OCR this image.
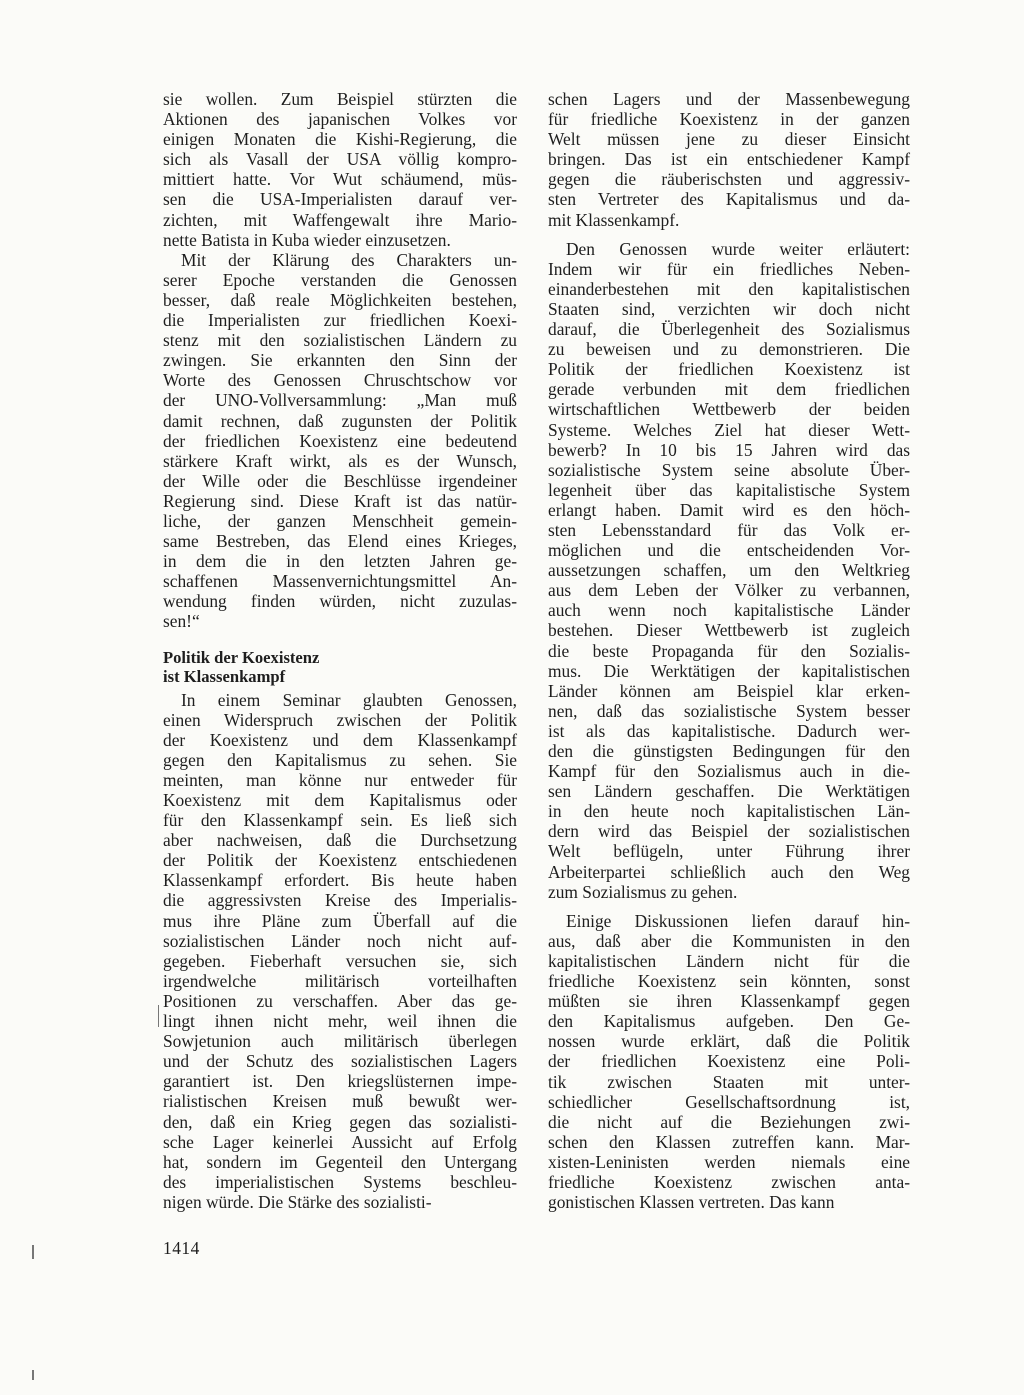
sie wollen. Zum Beispiel stürzten die
Aktionen des japanischen Volkes vor
einigen Monaten die Kishi-Regierung, die
sich als Vasall der USA völlig kompro-
mittiert hatte. Vor Wut schäumend, müs-
sen die USA-Imperialisten darauf ver-
zichten, mit Waffengewalt ihre Mario-
nette Batista in Kuba wieder einzusetzen.
Mit der Klärung des Charakters un-
serer Epoche verstanden die Genossen
besser, daß reale Möglichkeiten bestehen,
die Imperialisten zur friedlichen Koexi-
stenz mit den sozialistischen Ländern zu
zwingen. Sie erkannten den Sinn der
Worte des Genossen Chruschtschow vor
der UNO-Vollversammlung: „Man muß
damit rechnen, daß zugunsten der Politik
der friedlichen Koexistenz eine bedeutend
stärkere Kraft wirkt, als es der Wunsch,
der Wille oder die Beschlüsse irgendeiner
Regierung sind. Diese Kraft ist das natür-
liche, der ganzen Menschheit gemein-
same Bestreben, das Elend eines Krieges,
in dem die in den letzten Jahren ge-
schaffenen Massenvernichtungsmittel An-
wendung finden würden, nicht zuzulas-
sen!“
Politik der Koexistenz
ist Klassenkampf
In einem Seminar glaubten Genossen,
einen Widerspruch zwischen der Politik
der Koexistenz und dem Klassenkampf
gegen den Kapitalismus zu sehen. Sie
meinten, man könne nur entweder für
Koexistenz mit dem Kapitalismus oder
für den Klassenkampf sein. Es ließ sich
aber nachweisen, daß die Durchsetzung
der Politik der Koexistenz entschiedenen
Klassenkampf erfordert. Bis heute haben
die aggressivsten Kreise des Imperialis-
mus ihre Pläne zum Überfall auf die
sozialistischen Länder noch nicht auf-
gegeben. Fieberhaft versuchen sie, sich
irgendwelche militärisch vorteilhaften
Positionen zu verschaffen. Aber das ge-
lingt ihnen nicht mehr, weil ihnen die
Sowjetunion auch militärisch überlegen
und der Schutz des sozialistischen Lagers
garantiert ist. Den kriegslüsternen impe-
rialistischen Kreisen muß bewußt wer-
den, daß ein Krieg gegen das sozialisti-
sche Lager keinerlei Aussicht auf Erfolg
hat, sondern im Gegenteil den Untergang
des imperialistischen Systems beschleu-
nigen würde. Die Stärke des sozialisti-
schen Lagers und der Massenbewegung
für friedliche Koexistenz in der ganzen
Welt müssen jene zu dieser Einsicht
bringen. Das ist ein entschiedener Kampf
gegen die räuberischsten und aggressiv-
sten Vertreter des Kapitalismus und da-
mit Klassenkampf.
Den Genossen wurde weiter erläutert:
Indem wir für ein friedliches Neben-
einanderbestehen mit den kapitalistischen
Staaten sind, verzichten wir doch nicht
darauf, die Überlegenheit des Sozialismus
zu beweisen und zu demonstrieren. Die
Politik der friedlichen Koexistenz ist
gerade verbunden mit dem friedlichen
wirtschaftlichen Wettbewerb der beiden
Systeme. Welches Ziel hat dieser Wett-
bewerb? In 10 bis 15 Jahren wird das
sozialistische System seine absolute Über-
legenheit über das kapitalistische System
erlangt haben. Damit wird es den höch-
sten Lebensstandard für das Volk er-
möglichen und die entscheidenden Vor-
aussetzungen schaffen, um den Weltkrieg
aus dem Leben der Völker zu verbannen,
auch wenn noch kapitalistische Länder
bestehen. Dieser Wettbewerb ist zugleich
die beste Propaganda für den Sozialis-
mus. Die Werktätigen der kapitalistischen
Länder können am Beispiel klar erken-
nen, daß das sozialistische System besser
ist als das kapitalistische. Dadurch wer-
den die günstigsten Bedingungen für den
Kampf für den Sozialismus auch in die-
sen Ländern geschaffen. Die Werktätigen
in den heute noch kapitalistischen Län-
dern wird das Beispiel der sozialistischen
Welt beflügeln, unter Führung ihrer
Arbeiterpartei schließlich auch den Weg
zum Sozialismus zu gehen.
Einige Diskussionen liefen darauf hin-
aus, daß aber die Kommunisten in den
kapitalistischen Ländern nicht für die
friedliche Koexistenz sein könnten, sonst
müßten sie ihren Klassenkampf gegen
den Kapitalismus aufgeben. Den Ge-
nossen wurde erklärt, daß die Politik
der friedlichen Koexistenz eine Poli-
tik zwischen Staaten mit unter-
schiedlicher Gesellschaftsordnung ist,
die nicht auf die Beziehungen zwi-
schen den Klassen zutreffen kann. Mar-
xisten-Leninisten werden niemals eine
friedliche Koexistenz zwischen anta-
gonistischen Klassen vertreten. Das kann
1414
